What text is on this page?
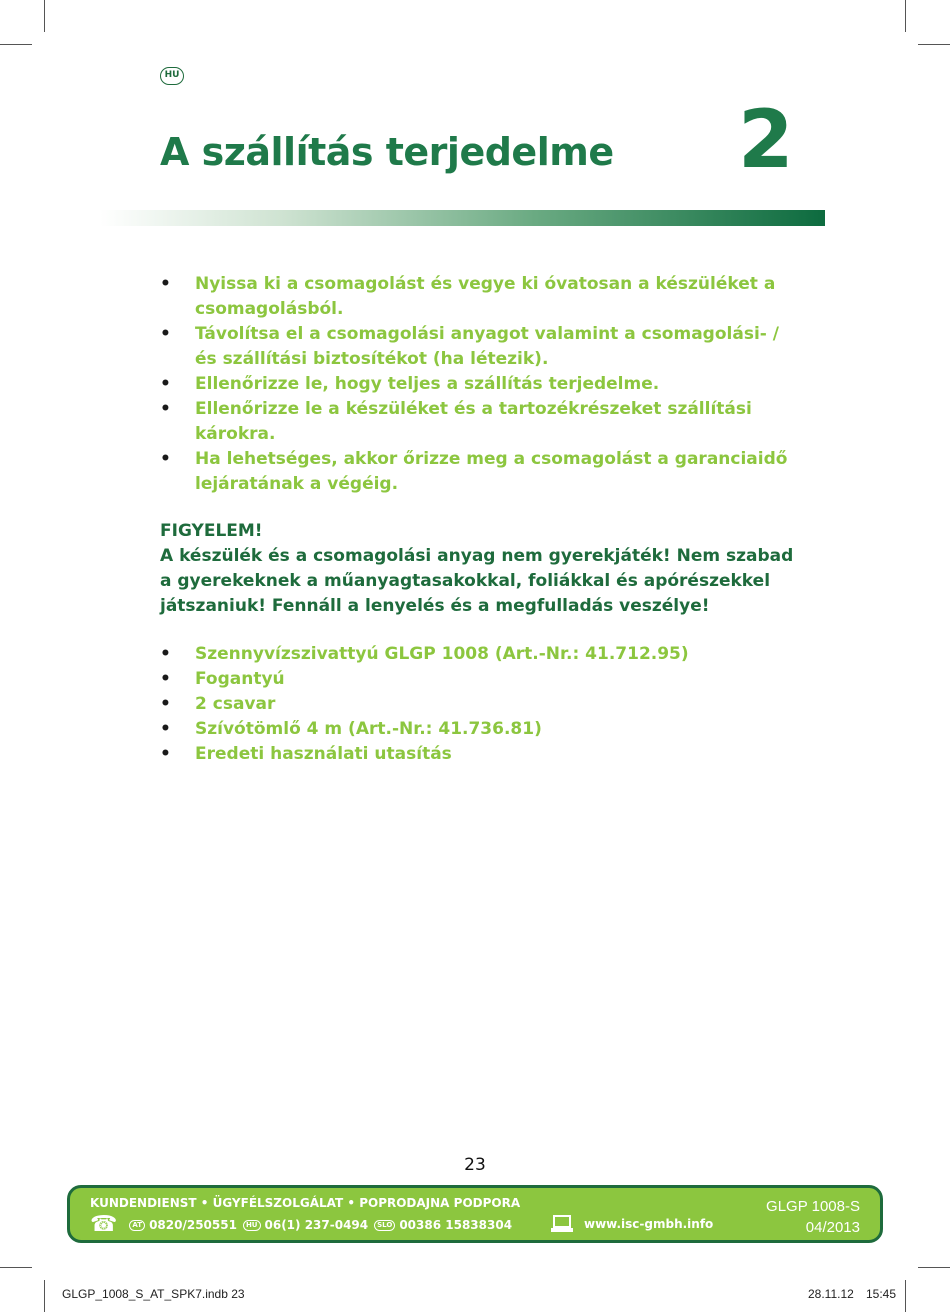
HU
A szállítás terjedelme 2
• Nyissa ki a csomagolást és vegye ki óvatosan a készüléket a csomagolásból.
• Távolítsa el a csomagolási anyagot valamint a csomagolási- / és szállítási biztosítékot (ha létezik).
• Ellenőrizze le, hogy teljes a szállítás terjedelme.
• Ellenőrizze le a készüléket és a tartozékrészeket szállítási károkra.
• Ha lehetséges, akkor őrizze meg a csomagolást a garanciaidő lejáratának a végéig.
FIGYELEM!
A készülék és a csomagolási anyag nem gyerekjáték! Nem szabad a gyerekeknek a műanyagtasakokkal, foliákkal és apórészekkel játszaniuk! Fennáll a lenyelés és a megfulladás veszélye!
• Szennyvízszivattyú GLGP 1008 (Art.-Nr.: 41.712.95)
• Fogantyú
• 2 csavar
• Szívótömlő 4 m (Art.-Nr.: 41.736.81)
• Eredeti használati utasítás
23
KUNDENDIENST • ÜGYFÉLSZOLGÁLAT • POPRODAJNA PODPORA
☎	AT 0820/250551	HU 06(1) 237-0494	SLO 00386 15838304	www.isc-gmbh.info
GLGP 1008-S
04/2013
GLGP_1008_S_AT_SPK7.indb 23	28.11.12 15:45
